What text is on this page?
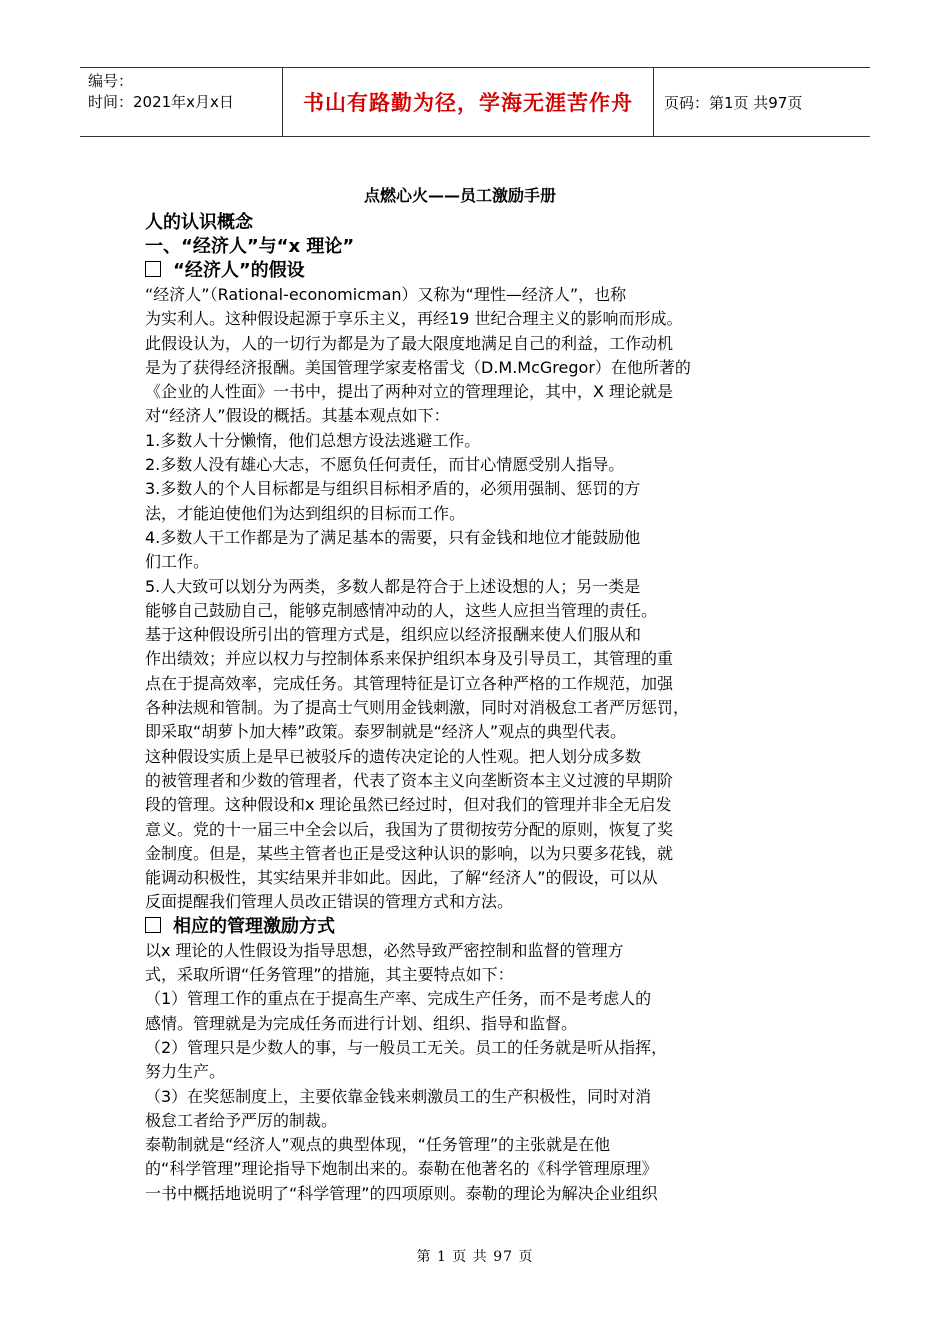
编号：
时间：2021年x月x日	书山有路勤为径，学海无涯苦作舟	页码：第1页 共97页
点燃心火——员工激励手册
人的认识概念
一、“经济人”与“x 理论”
“经济人”的假设
“经济人”（Rational-economicman）又称为“理性—经济人”，也称
为实利人。这种假设起源于享乐主义，再经19 世纪合理主义的影响而形成。
此假设认为，人的一切行为都是为了最大限度地满足自己的利益，工作动机
是为了获得经济报酬。美国管理学家麦格雷戈（D.M.McGregor）在他所著的
《企业的人性面》一书中，提出了两种对立的管理理论，其中，X 理论就是
对“经济人”假设的概括。其基本观点如下：
1.多数人十分懒惰，他们总想方设法逃避工作。
2.多数人没有雄心大志，不愿负任何责任，而甘心情愿受别人指导。
3.多数人的个人目标都是与组织目标相矛盾的，必须用强制、惩罚的方
法，才能迫使他们为达到组织的目标而工作。
4.多数人干工作都是为了满足基本的需要，只有金钱和地位才能鼓励他
们工作。
5.人大致可以划分为两类，多数人都是符合于上述设想的人；另一类是
能够自己鼓励自己，能够克制感情冲动的人，这些人应担当管理的责任。
基于这种假设所引出的管理方式是，组织应以经济报酬来使人们服从和
作出绩效；并应以权力与控制体系来保护组织本身及引导员工，其管理的重
点在于提高效率，完成任务。其管理特征是订立各种严格的工作规范，加强
各种法规和管制。为了提高士气则用金钱刺激，同时对消极怠工者严厉惩罚，
即采取“胡萝卜加大棒”政策。泰罗制就是“经济人”观点的典型代表。
这种假设实质上是早已被驳斥的遗传决定论的人性观。把人划分成多数
的被管理者和少数的管理者，代表了资本主义向垄断资本主义过渡的早期阶
段的管理。这种假设和x 理论虽然已经过时，但对我们的管理并非全无启发
意义。党的十一届三中全会以后，我国为了贯彻按劳分配的原则，恢复了奖
金制度。但是，某些主管者也正是受这种认识的影响，以为只要多花钱，就
能调动积极性，其实结果并非如此。因此，了解“经济人”的假设，可以从
反面提醒我们管理人员改正错误的管理方式和方法。
相应的管理激励方式
以x 理论的人性假设为指导思想，必然导致严密控制和监督的管理方
式，采取所谓“任务管理”的措施，其主要特点如下：
（1）管理工作的重点在于提高生产率、完成生产任务，而不是考虑人的
感情。管理就是为完成任务而进行计划、组织、指导和监督。
（2）管理只是少数人的事，与一般员工无关。员工的任务就是听从指挥，
努力生产。
（3）在奖惩制度上，主要依靠金钱来刺激员工的生产积极性，同时对消
极怠工者给予严厉的制裁。
泰勒制就是“经济人”观点的典型体现，“任务管理”的主张就是在他
的“科学管理”理论指导下炮制出来的。泰勒在他著名的《科学管理原理》
一书中概括地说明了“科学管理”的四项原则。泰勒的理论为解决企业组织
第 1 页 共 97 页
